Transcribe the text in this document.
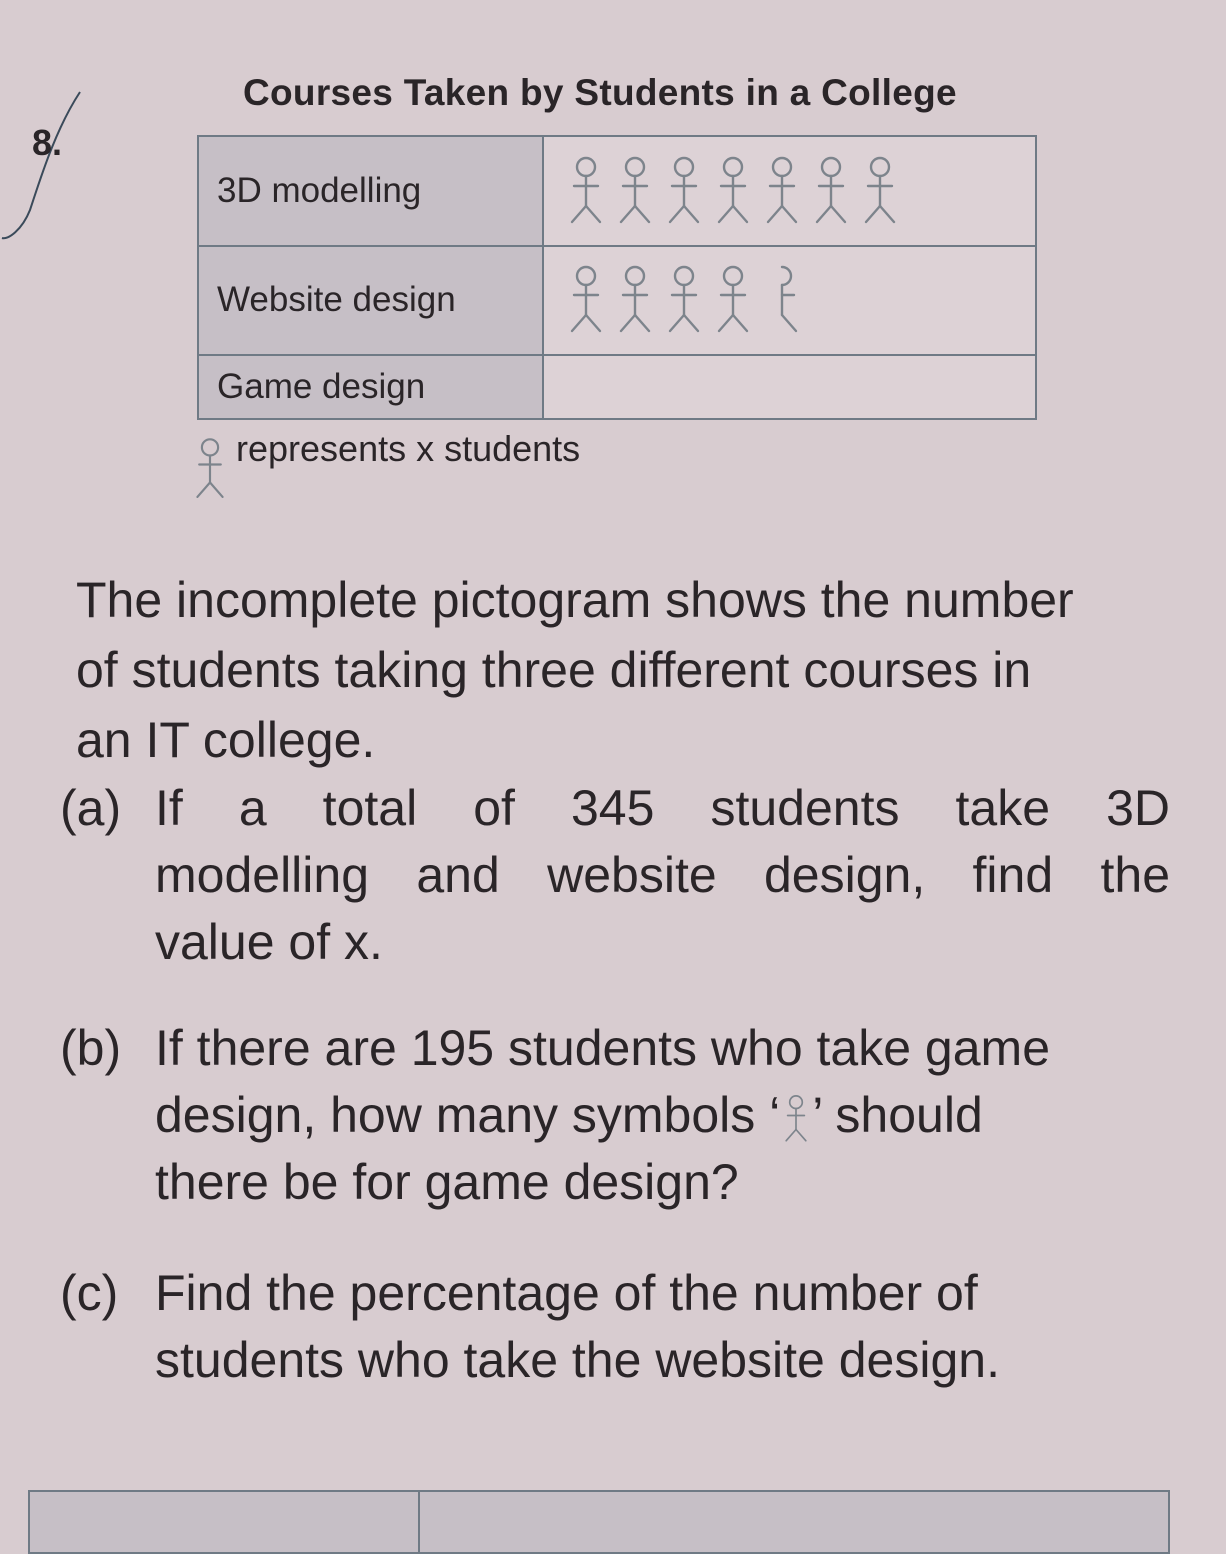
8.
Courses Taken by Students in a College
3D modelling	

Website design	

Game design	
represents x students
The incomplete pictogram shows the number
of students taking three different courses in
an IT college.
(a) If a total of 345 students take 3D
modelling and website design, find the
value of x.
(b) If there are 195 students who take game
design, how many symbols ‘ ’ should
there be for game design?
(c) Find the percentage of the number of
students who take the website design.
